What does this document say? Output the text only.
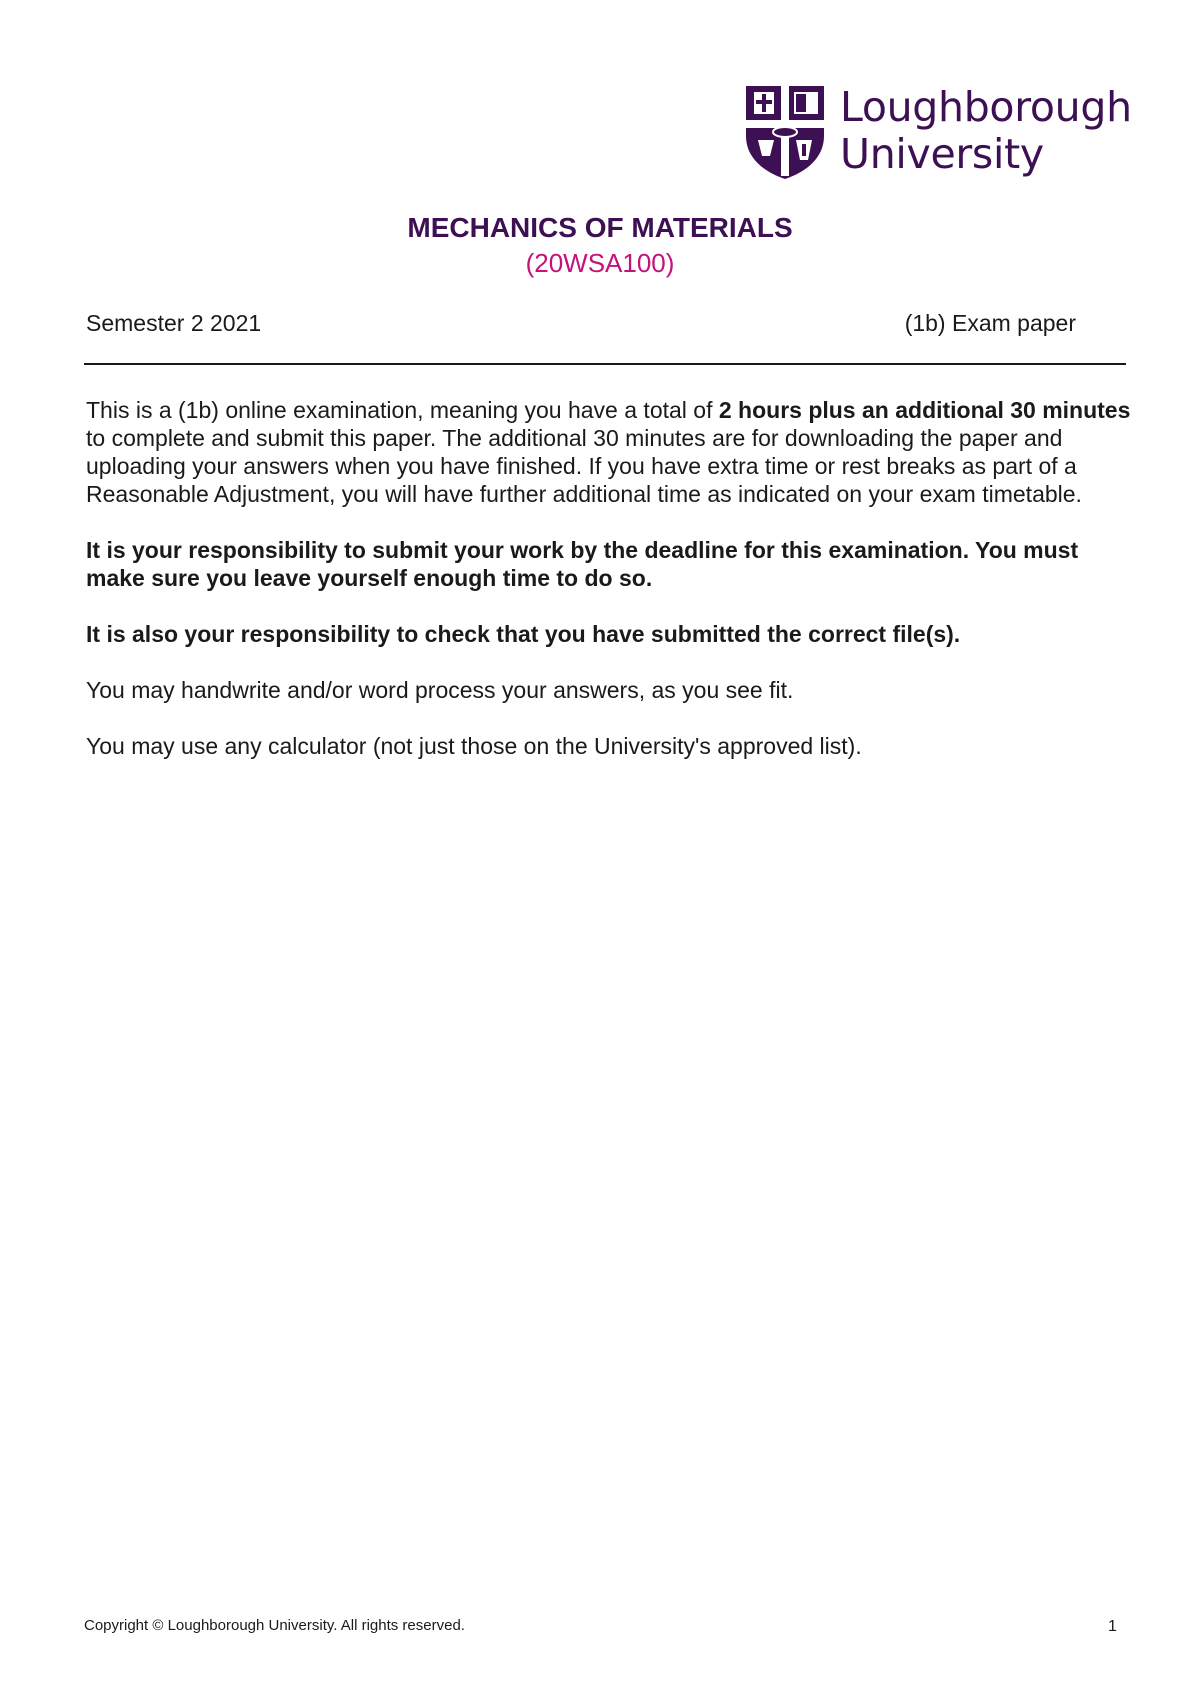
Loughborough
University
MECHANICS OF MATERIALS
(20WSA100)
Semester 2 2021	(1b) Exam paper

This is a (1b) online examination, meaning you have a total of 2 hours plus an additional 30 minutes to complete and submit this paper. The additional 30 minutes are for downloading the paper and uploading your answers when you have finished. If you have extra time or rest breaks as part of a Reasonable Adjustment, you will have further additional time as indicated on your exam timetable.

It is your responsibility to submit your work by the deadline for this examination. You must make sure you leave yourself enough time to do so.

It is also your responsibility to check that you have submitted the correct file(s).

You may handwrite and/or word process your answers, as you see fit.

You may use any calculator (not just those on the University's approved list).

Copyright © Loughborough University. All rights reserved.	1
